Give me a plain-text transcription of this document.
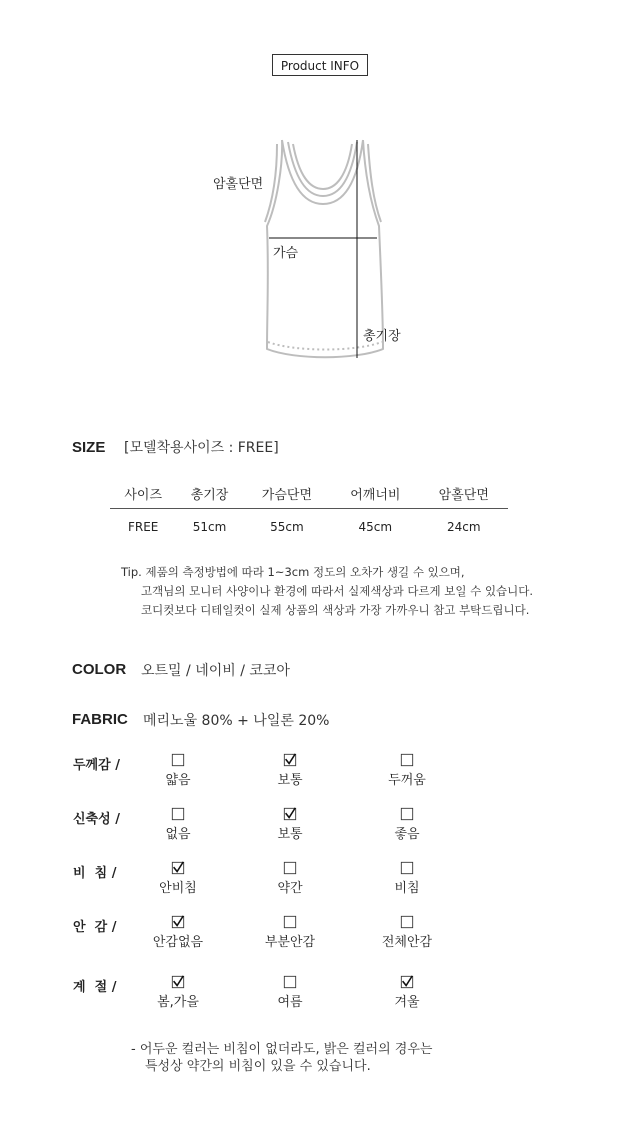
Product INFO
암홀단면
가슴
총기장
SIZE [모델착용사이즈 : FREE]
사이즈	총기장	가슴단면	어깨너비	암홀단면
FREE	51cm	55cm	45cm	24cm
Tip. 제품의 측정방법에 따라 1~3cm 정도의 오차가 생길 수 있으며,
고객님의 모니터 사양이나 환경에 따라서 실제색상과 다르게 보일 수 있습니다.
코디컷보다 디테일컷이 실제 상품의 색상과 가장 가까우니 참고 부탁드립니다.
COLOR 오트밀 / 네이비 / 코코아
FABRIC 메리노울 80% + 나일론 20%
두께감 /
얇음	보통	두꺼움
신축성 /
없음	보통	좋음
비  침 /
안비침	약간	비침
안  감 /
안감없음	부분안감	전체안감
계  절 /
봄,가을	여름	겨울
- 어두운 컬러는 비침이 없더라도, 밝은 컬러의 경우는
특성상 약간의 비침이 있을 수 있습니다.
